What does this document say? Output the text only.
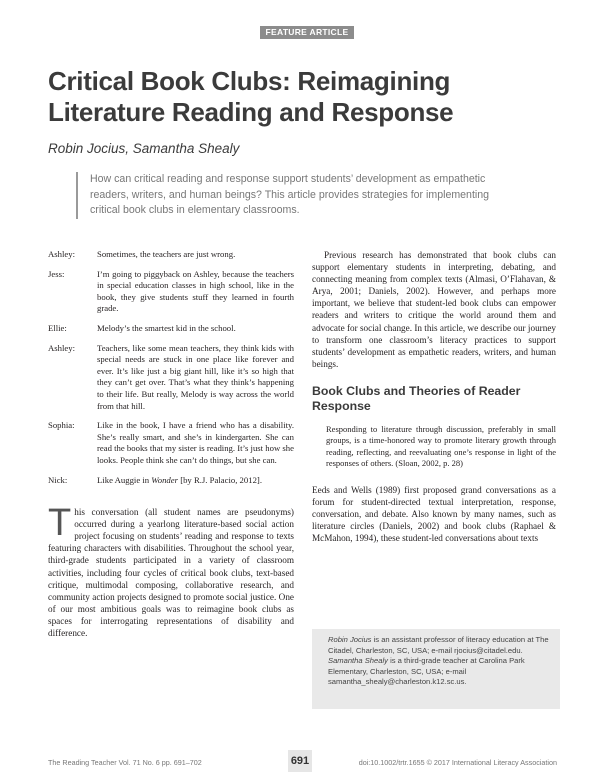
FEATURE ARTICLE
Critical Book Clubs: Reimagining Literature Reading and Response
Robin Jocius, Samantha Shealy
How can critical reading and response support students’ development as empathetic readers, writers, and human beings? This article provides strategies for implementing critical book clubs in elementary classrooms.
Ashley:	Sometimes, the teachers are just wrong.
Jess:	I’m going to piggyback on Ashley, because the teachers in special education classes in high school, like in the book, they give students stuff they learned in fourth grade.
Ellie:	Melody’s the smartest kid in the school.
Ashley:	Teachers, like some mean teachers, they think kids with special needs are stuck in one place like forever and ever. It’s like just a big giant hill, like it’s so high that they can’t get over. That’s what they think’s happening to their life. But really, Melody is way across the world from that hill.
Sophia:	Like in the book, I have a friend who has a disability. She’s really smart, and she’s in kindergarten. She can read the books that my sister is reading. It’s just how she looks. People think she can’t do things, but she can.
Nick:	Like Auggie in Wonder [by R.J. Palacio, 2012].

This conversation (all student names are pseudonyms) occurred during a yearlong literature-based social action project focusing on students’ reading and response to texts featuring characters with disabilities. Throughout the school year, third-grade students participated in a variety of classroom activities, including four cycles of critical book clubs, text-based critique, multimodal composing, collaborative research, and community action projects designed to promote social justice. One of our most ambitious goals was to reimagine book clubs as spaces for interrogating representations of disability and difference.

Previous research has demonstrated that book clubs can support elementary students in interpreting, debating, and connecting meaning from complex texts (Almasi, O’Flahavan, & Arya, 2001; Daniels, 2002). However, and perhaps more important, we believe that student-led book clubs can empower readers and writers to critique the world around them and advocate for social change. In this article, we describe our journey to transform one classroom’s literacy practices to support students’ development as empathetic readers, writers, and human beings.

Book Clubs and Theories of Reader Response

Responding to literature through discussion, preferably in small groups, is a time-honored way to promote literary growth through reading, reflecting, and reevaluating one’s response in light of the responses of others. (Sloan, 2002, p. 28)

Eeds and Wells (1989) first proposed grand conversations as a forum for student-directed textual interpretation, response, conversation, and debate. Also known by many names, such as literature circles (Daniels, 2002) and book clubs (Raphael & McMahon, 1994), these student-led conversations about texts

Robin Jocius is an assistant professor of literacy education at The Citadel, Charleston, SC, USA; e-mail rjocius@citadel.edu.
Samantha Shealy is a third-grade teacher at Carolina Park Elementary, Charleston, SC, USA; e-mail samantha_shealy@charleston.k12.sc.us.
The Reading Teacher Vol. 71 No. 6 pp. 691–702	691	doi:10.1002/trtr.1655 © 2017 International Literacy Association
